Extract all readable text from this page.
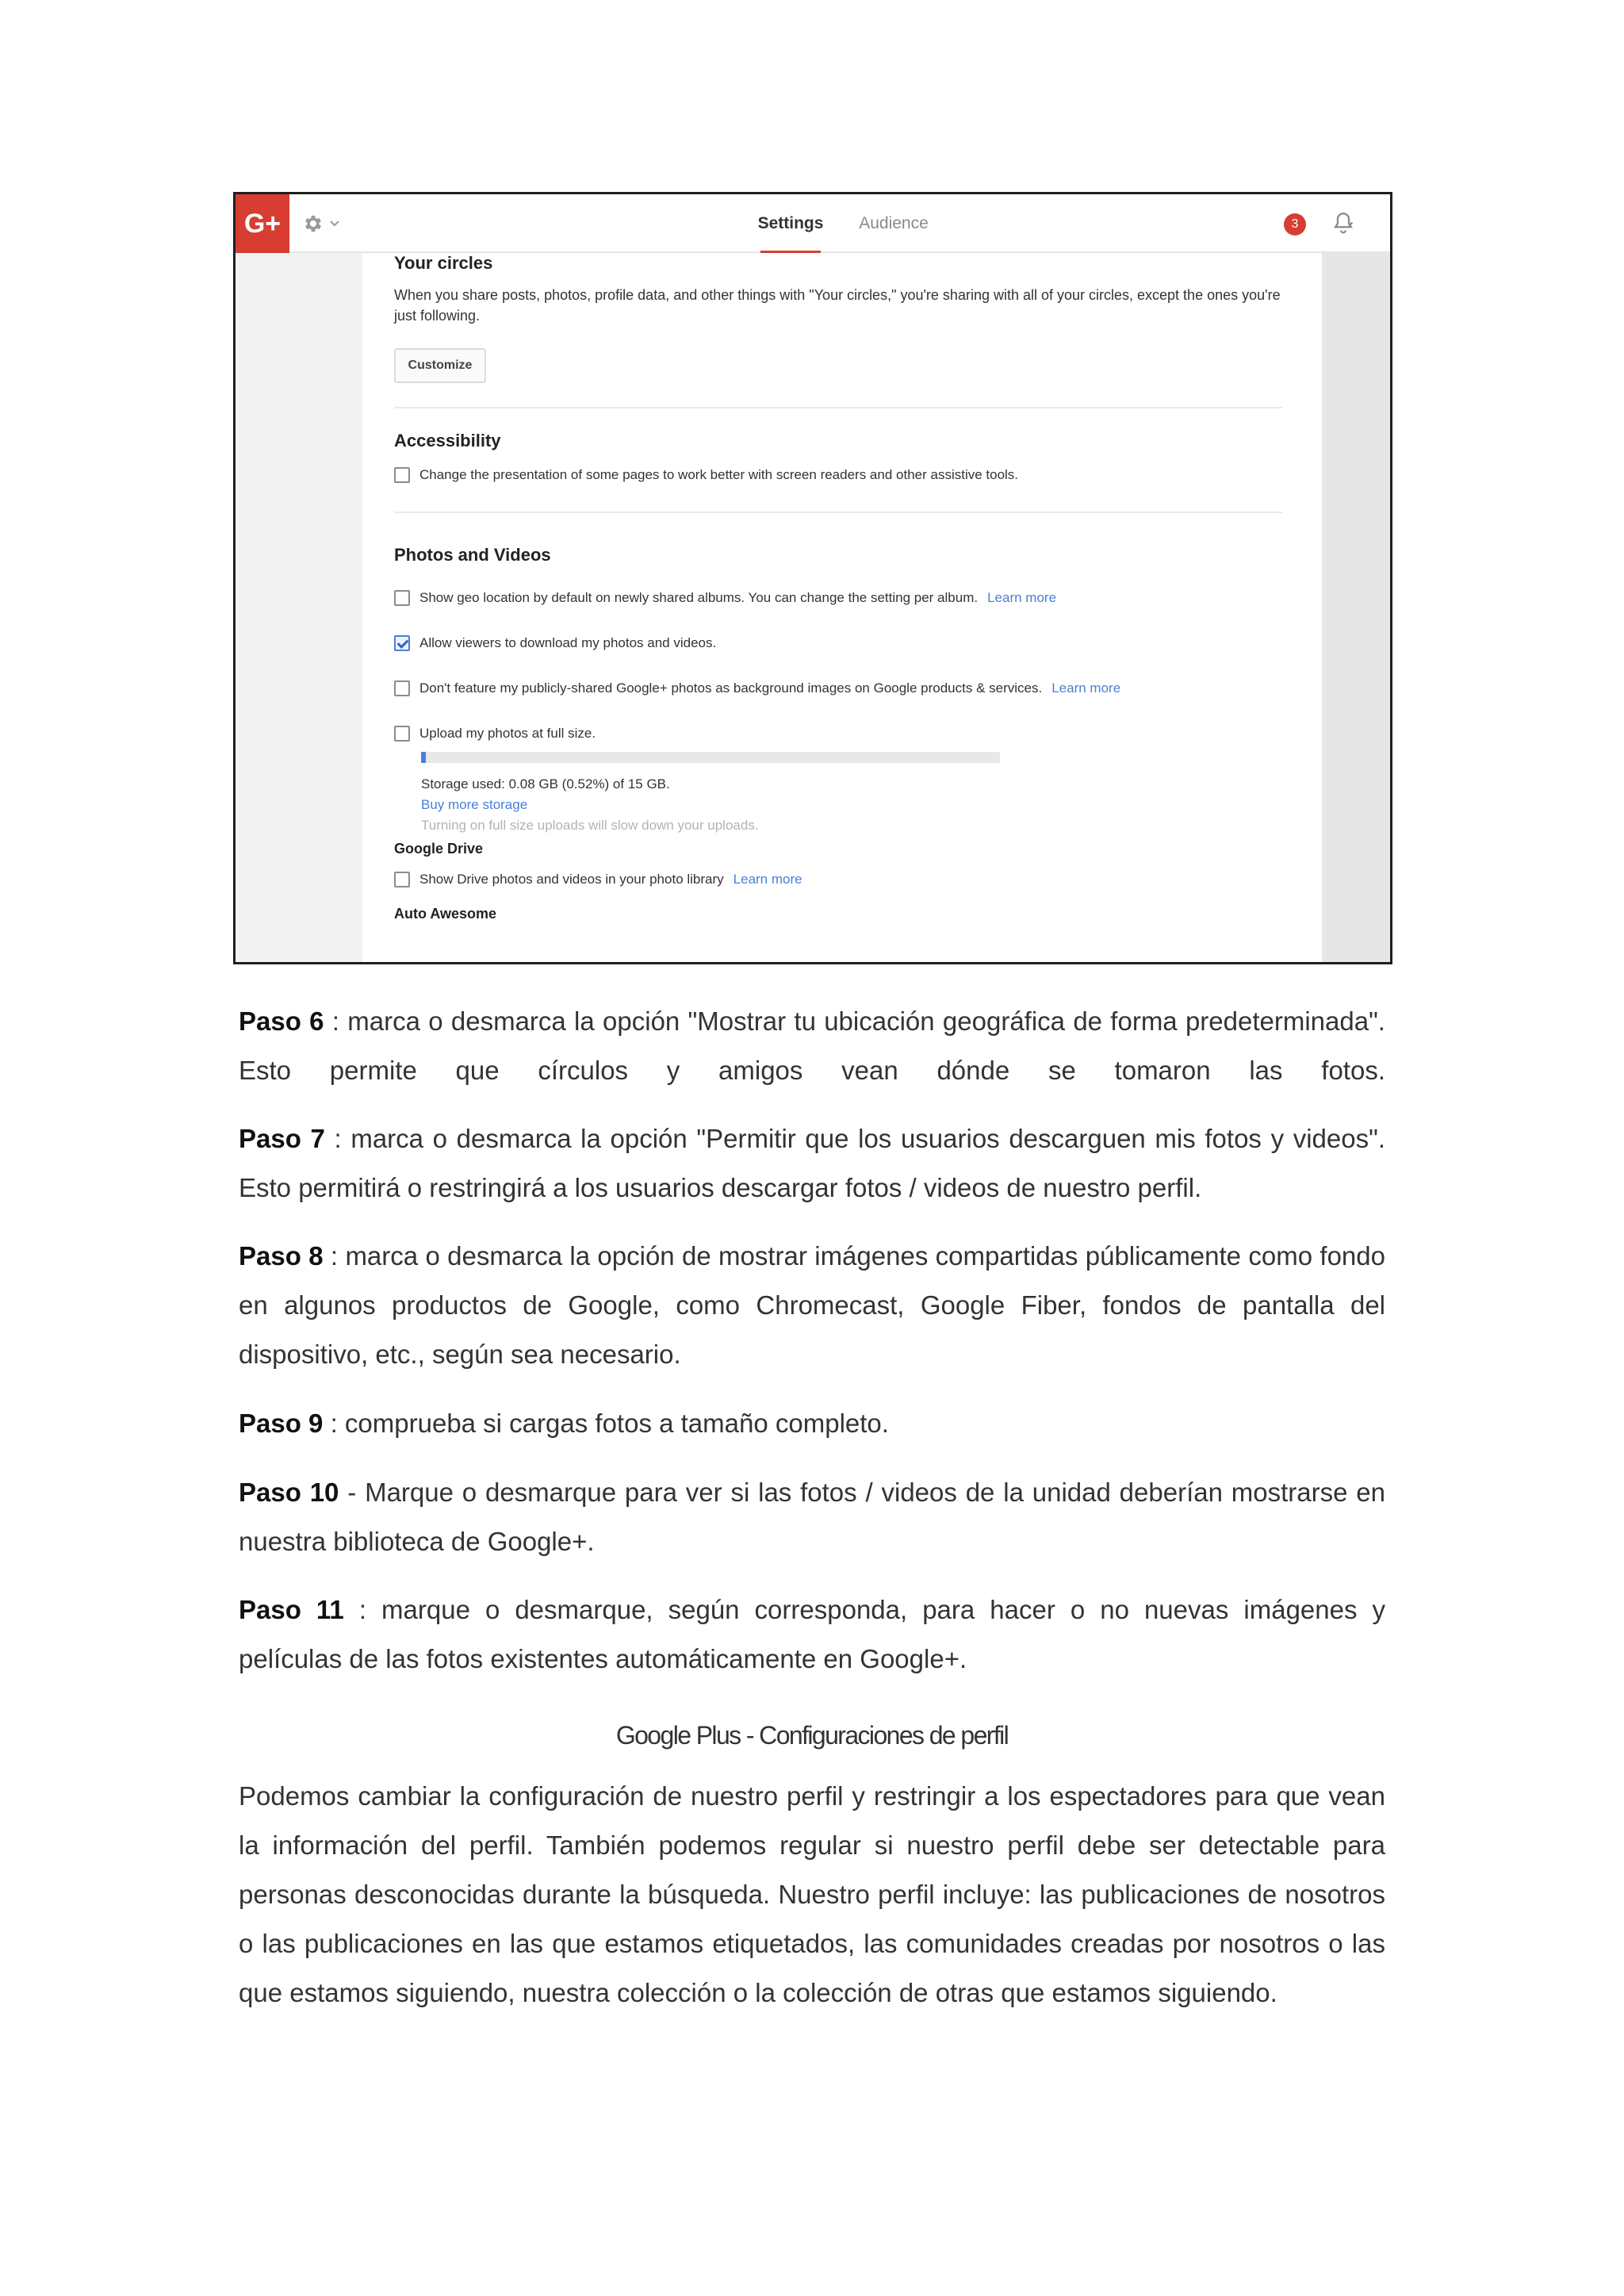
G+	Settings	Audience	3
Your circles
When you share posts, photos, profile data, and other things with "Your circles," you're sharing with all of your circles, except the ones you're just following.
Customize
Accessibility
Change the presentation of some pages to work better with screen readers and other assistive tools.
Photos and Videos
Show geo location by default on newly shared albums. You can change the setting per album. Learn more
Allow viewers to download my photos and videos.
Don't feature my publicly-shared Google+ photos as background images on Google products & services. Learn more
Upload my photos at full size.
Storage used: 0.08 GB (0.52%) of 15 GB.
Buy more storage
Turning on full size uploads will slow down your uploads.
Google Drive
Show Drive photos and videos in your photo library Learn more
Auto Awesome

Paso 6 : marca o desmarca la opción "Mostrar tu ubicación geográfica de forma predeterminada". Esto permite que círculos y amigos vean dónde se tomaron las fotos.

Paso 7 : marca o desmarca la opción "Permitir que los usuarios descarguen mis fotos y videos". Esto permitirá o restringirá a los usuarios descargar fotos / videos de nuestro perfil.

Paso 8 : marca o desmarca la opción de mostrar imágenes compartidas públicamente como fondo en algunos productos de Google, como Chromecast, Google Fiber, fondos de pantalla del dispositivo, etc., según sea necesario.

Paso 9 : comprueba si cargas fotos a tamaño completo.

Paso 10 - Marque o desmarque para ver si las fotos / videos de la unidad deberían mostrarse en nuestra biblioteca de Google+.

Paso 11 : marque o desmarque, según corresponda, para hacer o no nuevas imágenes y películas de las fotos existentes automáticamente en Google+.

Google Plus - Configuraciones de perfil

Podemos cambiar la configuración de nuestro perfil y restringir a los espectadores para que vean la información del perfil. También podemos regular si nuestro perfil debe ser detectable para personas desconocidas durante la búsqueda. Nuestro perfil incluye: las publicaciones de nosotros o las publicaciones en las que estamos etiquetados, las comunidades creadas por nosotros o las que estamos siguiendo, nuestra colección o la colección de otras que estamos siguiendo.
